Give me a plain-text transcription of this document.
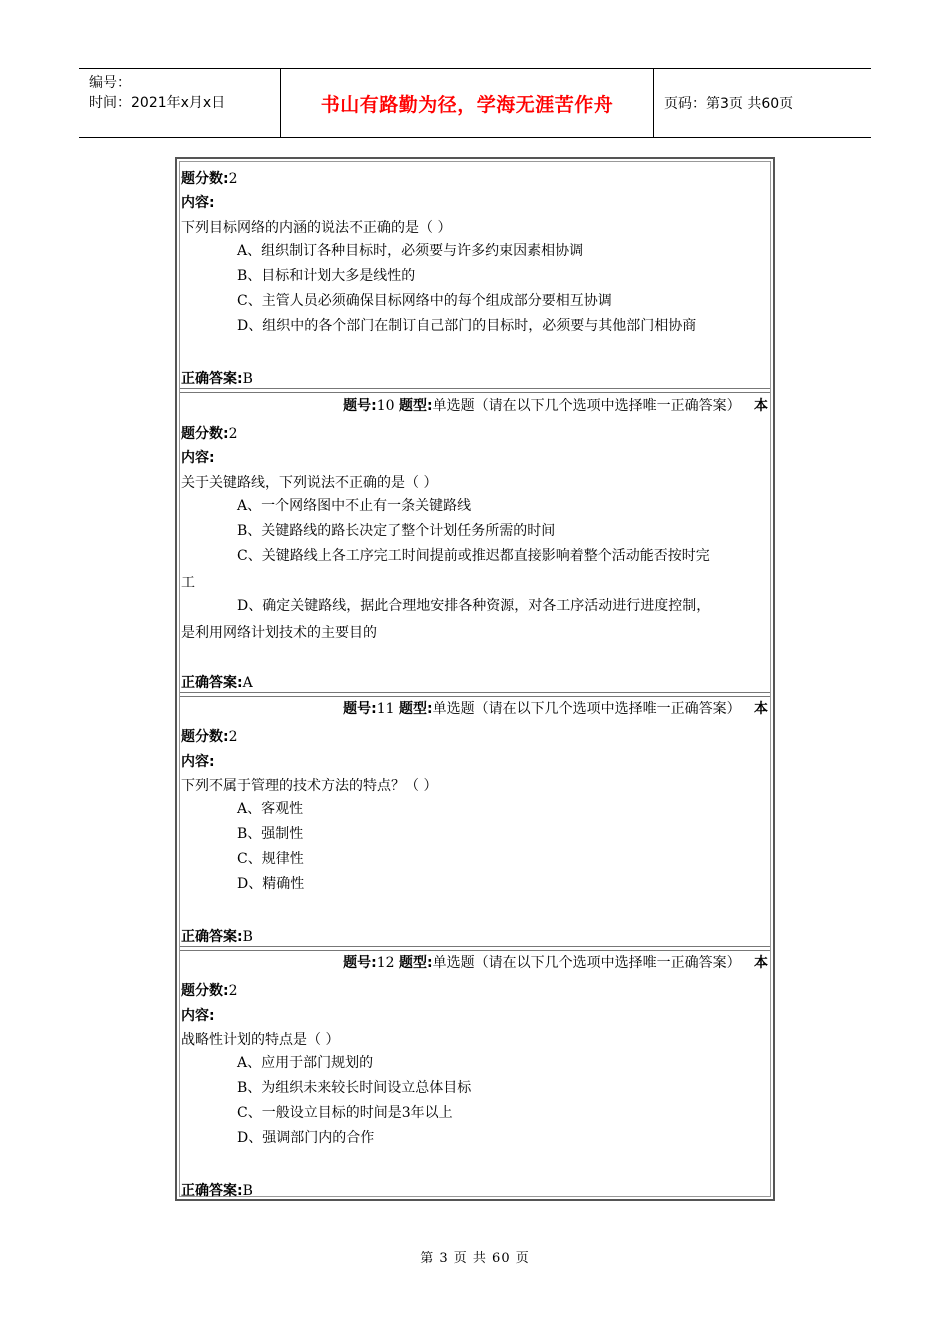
编号：
时间：2021年x月x日	书山有路勤为径，学海无涯苦作舟	页码：第3页 共60页
题分数:2
内容:
下列目标网络的内涵的说法不正确的是（ ）
A、组织制订各种目标时，必须要与许多约束因素相协调
B、目标和计划大多是线性的
C、主管人员必须确保目标网络中的每个组成部分要相互协调
D、组织中的各个部门在制订自己部门的目标时，必须要与其他部门相协商
正确答案:B
题号:10 题型:单选题（请在以下几个选项中选择唯一正确答案） 本
题分数:2
内容:
关于关键路线，下列说法不正确的是（ ）
A、一个网络图中不止有一条关键路线
B、关键路线的路长决定了整个计划任务所需的时间
C、关键路线上各工序完工时间提前或推迟都直接影响着整个活动能否按时完
工
D、确定关键路线，据此合理地安排各种资源，对各工序活动进行进度控制，
是利用网络计划技术的主要目的
正确答案:A
题号:11 题型:单选题（请在以下几个选项中选择唯一正确答案） 本
题分数:2
内容:
下列不属于管理的技术方法的特点？（ ）
A、客观性
B、强制性
C、规律性
D、精确性
正确答案:B
题号:12 题型:单选题（请在以下几个选项中选择唯一正确答案） 本
题分数:2
内容:
战略性计划的特点是（ ）
A、应用于部门规划的
B、为组织未来较长时间设立总体目标
C、一般设立目标的时间是3年以上
D、强调部门内的合作
正确答案:B
第 3 页 共 60 页
